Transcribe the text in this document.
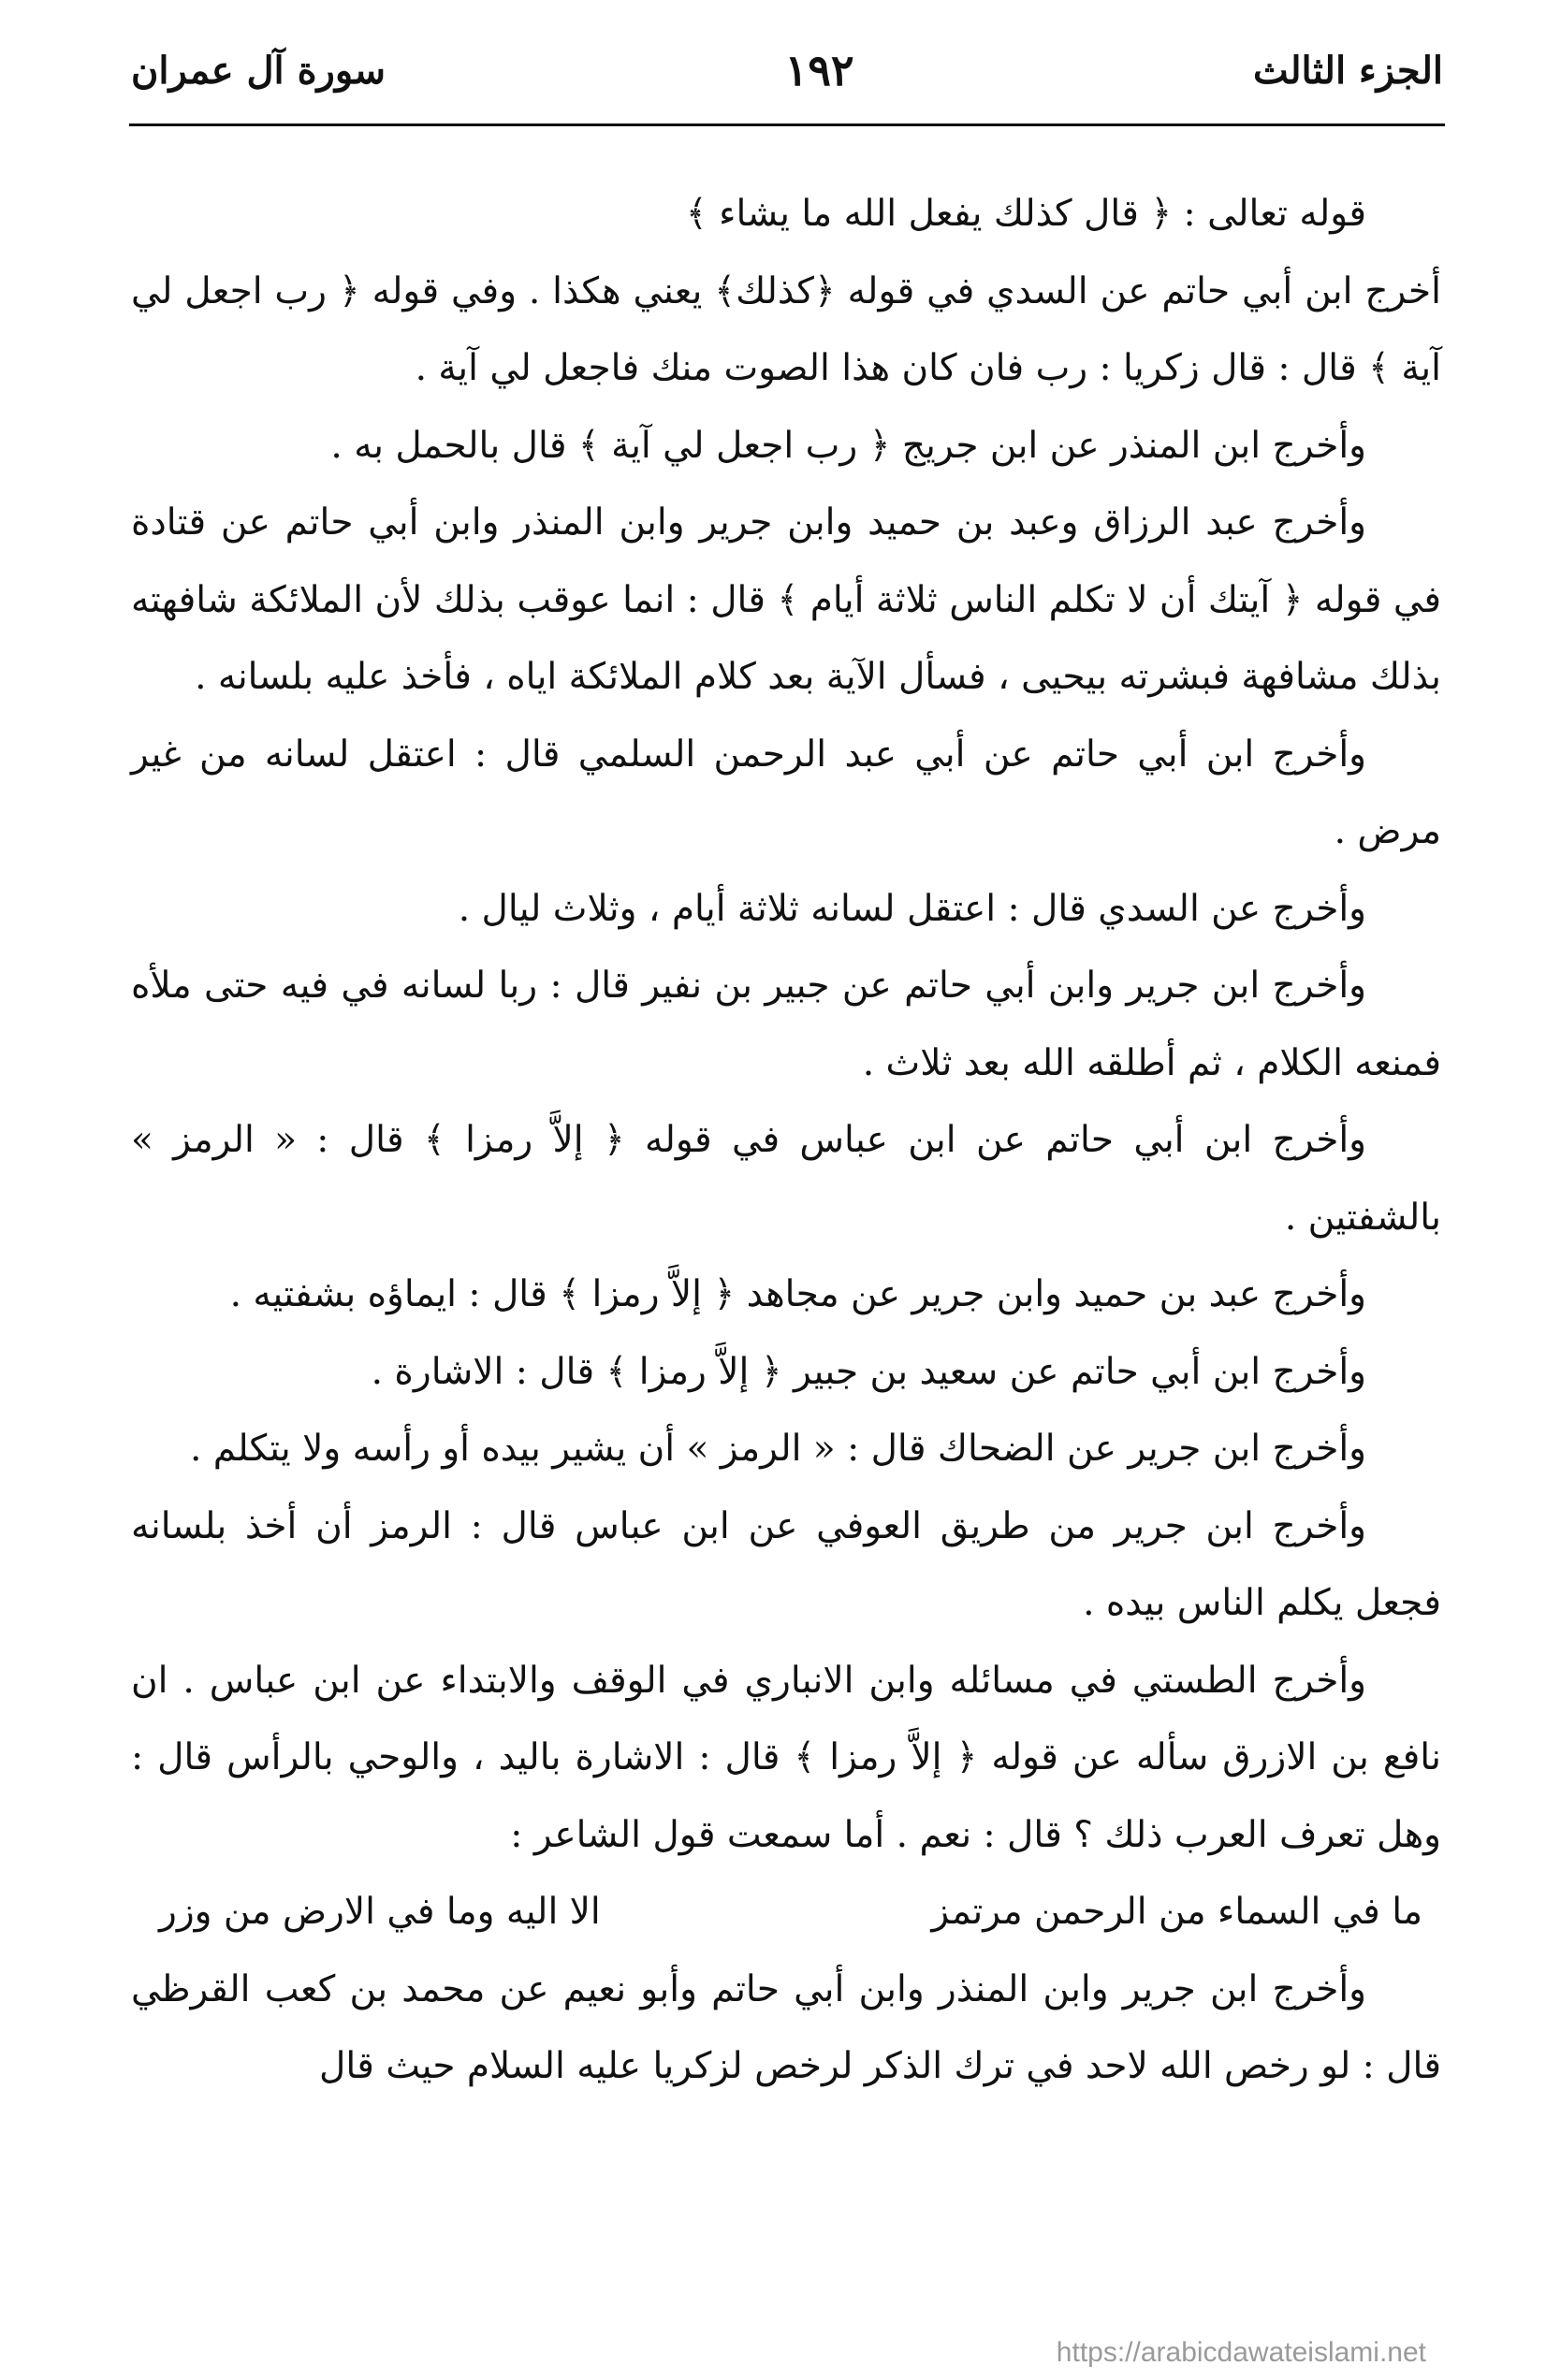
الجزء الثالث
١٩٢
سورة آل عمران

قوله تعالى : ﴿ قال كذلك يفعل الله ما يشاء ﴾

أخرج ابن أبي حاتم عن السدي في قوله ﴿كذلك﴾ يعني هكذا . وفي قوله ﴿ رب اجعل لي آية ﴾ قال : قال زكريا : رب فان كان هذا الصوت منك فاجعل لي آية .

وأخرج ابن المنذر عن ابن جريج ﴿ رب اجعل لي آية ﴾ قال بالحمل به .

وأخرج عبد الرزاق وعبد بن حميد وابن جرير وابن المنذر وابن أبي حاتم عن قتادة في قوله ﴿ آيتك أن لا تكلم الناس ثلاثة أيام ﴾ قال : انما عوقب بذلك لأن الملائكة شافهته بذلك مشافهة فبشرته بيحيى ، فسأل الآية بعد كلام الملائكة اياه ، فأخذ عليه بلسانه .

وأخرج ابن أبي حاتم عن أبي عبد الرحمن السلمي قال : اعتقل لسانه من غير مرض .

وأخرج عن السدي قال : اعتقل لسانه ثلاثة أيام ، وثلاث ليال .

وأخرج ابن جرير وابن أبي حاتم عن جبير بن نفير قال : ربا لسانه في فيه حتى ملأه فمنعه الكلام ، ثم أطلقه الله بعد ثلاث .

وأخرج ابن أبي حاتم عن ابن عباس في قوله ﴿ إلاَّ رمزا ﴾ قال : « الرمز » بالشفتين .

وأخرج عبد بن حميد وابن جرير عن مجاهد ﴿ إلاَّ رمزا ﴾ قال : ايماؤه بشفتيه .

وأخرج ابن أبي حاتم عن سعيد بن جبير ﴿ إلاَّ رمزا ﴾ قال : الاشارة .

وأخرج ابن جرير عن الضحاك قال : « الرمز » أن يشير بيده أو رأسه ولا يتكلم .

وأخرج ابن جرير من طريق العوفي عن ابن عباس قال : الرمز أن أخذ بلسانه فجعل يكلم الناس بيده .

وأخرج الطستي في مسائله وابن الانباري في الوقف والابتداء عن ابن عباس . ان نافع بن الازرق سأله عن قوله ﴿ إلاَّ رمزا ﴾ قال : الاشارة باليد ، والوحي بالرأس قال : وهل تعرف العرب ذلك ؟ قال : نعم . أما سمعت قول الشاعر :

ما في السماء من الرحمن مرتمز
الا اليه وما في الارض من وزر

وأخرج ابن جرير وابن المنذر وابن أبي حاتم وأبو نعيم عن محمد بن كعب القرظي قال : لو رخص الله لاحد في ترك الذكر لرخص لزكريا عليه السلام حيث قال

https://arabicdawateislami.net
